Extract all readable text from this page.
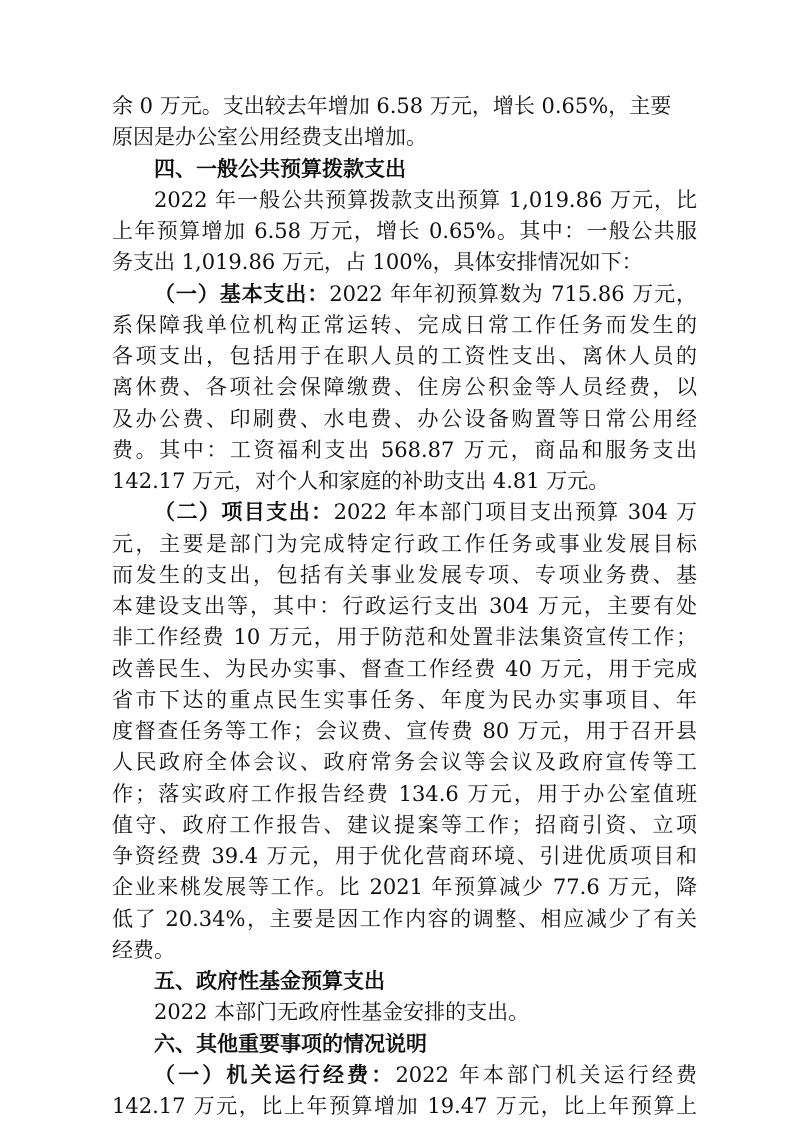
余 0 万元。支出较去年增加 6.58 万元，增长 0.65%，主要
原因是办公室公用经费支出增加。
四、一般公共预算拨款支出
2022 年一般公共预算拨款支出预算 1,019.86 万元，比
上年预算增加 6.58 万元，增长 0.65%。其中：一般公共服
务支出 1,019.86 万元，占 100%，具体安排情况如下：
（一）基本支出：2022 年年初预算数为 715.86 万元，
系保障我单位机构正常运转、完成日常工作任务而发生的
各项支出，包括用于在职人员的工资性支出、离休人员的
离休费、各项社会保障缴费、住房公积金等人员经费，以
及办公费、印刷费、水电费、办公设备购置等日常公用经
费。其中：工资福利支出 568.87 万元，商品和服务支出
142.17 万元，对个人和家庭的补助支出 4.81 万元。
（二）项目支出：2022 年本部门项目支出预算 304 万
元，主要是部门为完成特定行政工作任务或事业发展目标
而发生的支出，包括有关事业发展专项、专项业务费、基
本建设支出等，其中：行政运行支出 304 万元，主要有处
非工作经费 10 万元，用于防范和处置非法集资宣传工作；
改善民生、为民办实事、督查工作经费 40 万元，用于完成
省市下达的重点民生实事任务、年度为民办实事项目、年
度督查任务等工作；会议费、宣传费 80 万元，用于召开县
人民政府全体会议、政府常务会议等会议及政府宣传等工
作；落实政府工作报告经费 134.6 万元，用于办公室值班
值守、政府工作报告、建议提案等工作；招商引资、立项
争资经费 39.4 万元，用于优化营商环境、引进优质项目和
企业来桃发展等工作。比 2021 年预算减少 77.6 万元，降
低了 20.34%，主要是因工作内容的调整、相应减少了有关
经费。
五、政府性基金预算支出
2022 本部门无政府性基金安排的支出。
六、其他重要事项的情况说明
（一）机关运行经费：2022 年本部门机关运行经费
142.17 万元，比上年预算增加 19.47 万元，比上年预算上
